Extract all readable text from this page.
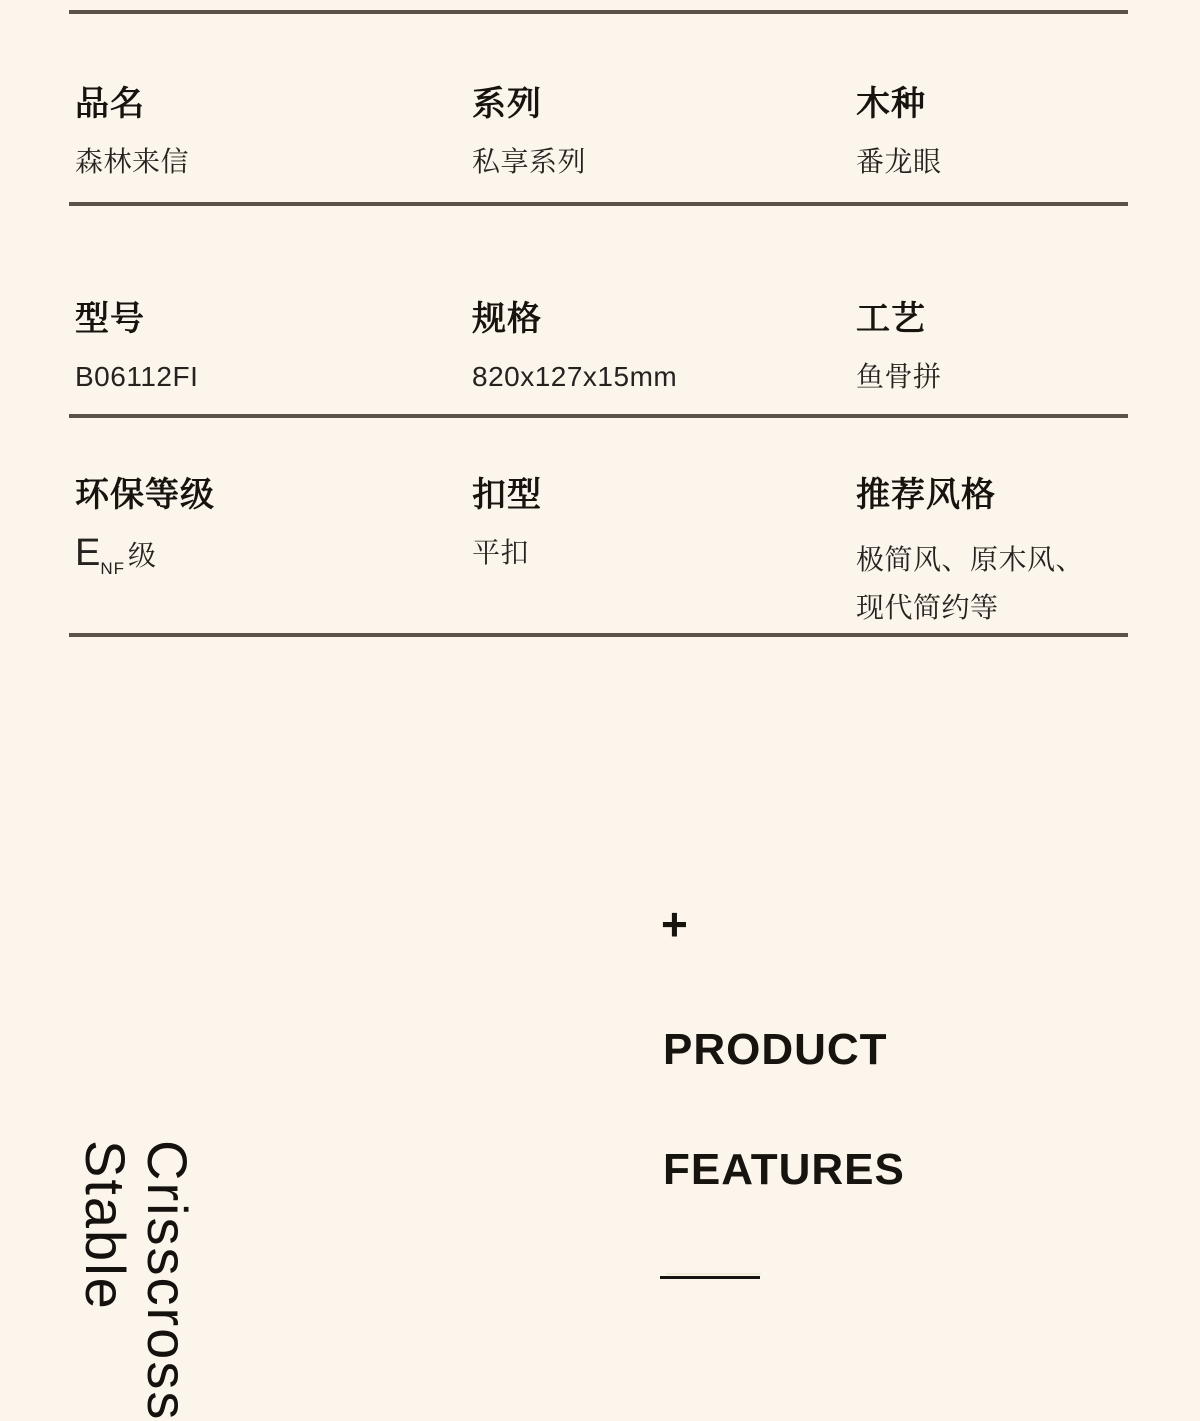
品名
森林来信
系列
私享系列
木种
番龙眼
型号
B06112FI
规格
820x127x15mm
工艺
鱼骨拼
环保等级
$E_{NF}$ 级
扣型
平扣
推荐风格
极简风、原木风、
现代简约等
+
PRODUCT
FEATURES
Crisscross
Stable
